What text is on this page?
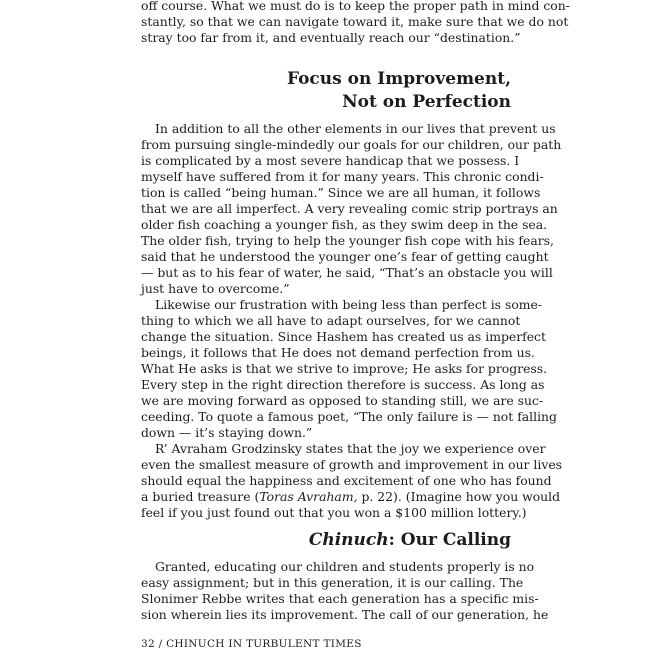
off course. What we must do is to keep the proper path in mind con-
stantly, so that we can navigate toward it, make sure that we do not
stray too far from it, and eventually reach our “destination.”
Focus on Improvement,
Not on Perfection
In addition to all the other elements in our lives that prevent us
from pursuing single-mindedly our goals for our children, our path
is complicated by a most severe handicap that we possess. I
myself have suffered from it for many years. This chronic condi-
tion is called “being human.” Since we are all human, it follows
that we are all imperfect. A very revealing comic strip portrays an
older fish coaching a younger fish, as they swim deep in the sea.
The older fish, trying to help the younger fish cope with his fears,
said that he understood the younger one’s fear of getting caught
— but as to his fear of water, he said, “That’s an obstacle you will
just have to overcome.”
Likewise our frustration with being less than perfect is some-
thing to which we all have to adapt ourselves, for we cannot
change the situation. Since Hashem has created us as imperfect
beings, it follows that He does not demand perfection from us.
What He asks is that we strive to improve; He asks for progress.
Every step in the right direction therefore is success. As long as
we are moving forward as opposed to standing still, we are suc-
ceeding. To quote a famous poet, “The only failure is — not falling
down — it’s staying down.”
R’ Avraham Grodzinsky states that the joy we experience over
even the smallest measure of growth and improvement in our lives
should equal the happiness and excitement of one who has found
a buried treasure (Toras Avraham, p. 22). (Imagine how you would
feel if you just found out that you won a $100 million lottery.)
Chinuch: Our Calling
Granted, educating our children and students properly is no
easy assignment; but in this generation, it is our calling. The
Slonimer Rebbe writes that each generation has a specific mis-
sion wherein lies its improvement. The call of our generation, he
32 / CHINUCH IN TURBULENT TIMES
